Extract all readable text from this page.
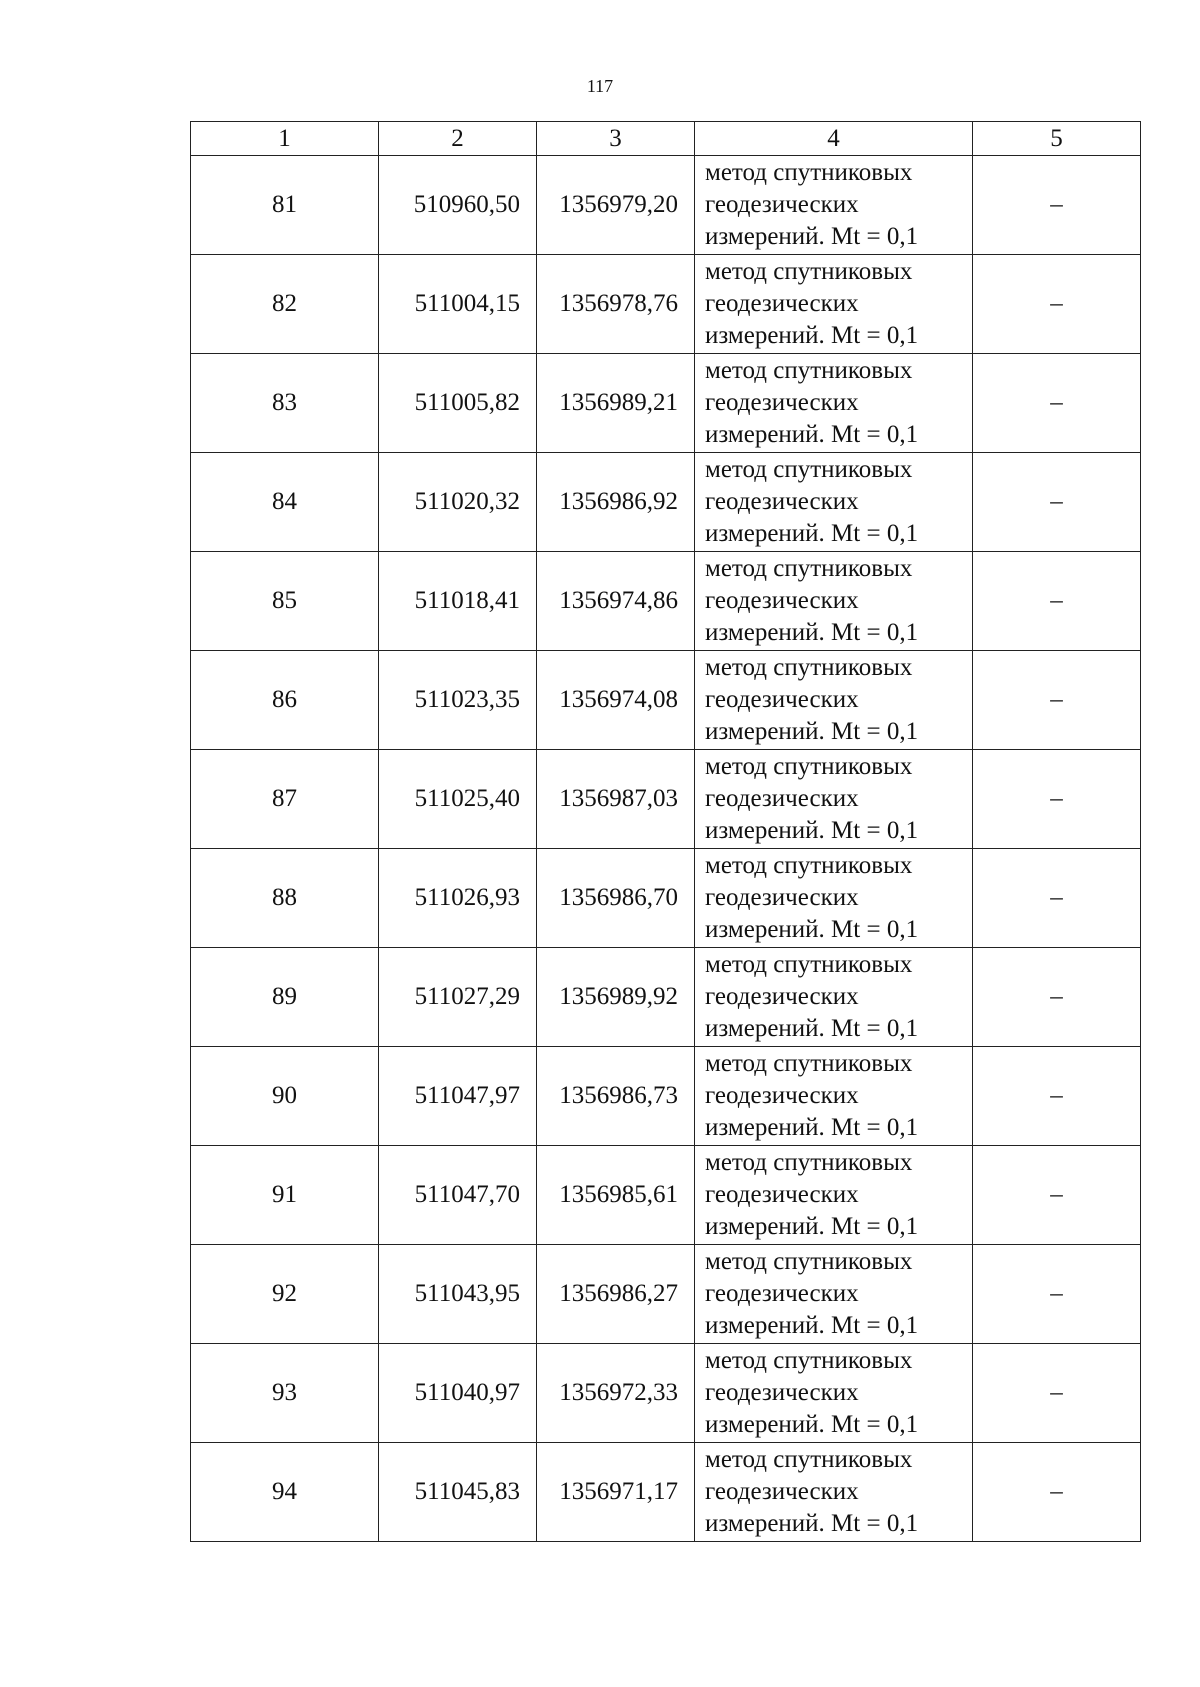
117
1	2	3	4	5
81	510960,50	1356979,20	метод спутниковых
геодезических
измерений. Mt = 0,1	–
82	511004,15	1356978,76	метод спутниковых
геодезических
измерений. Mt = 0,1	–
83	511005,82	1356989,21	метод спутниковых
геодезических
измерений. Mt = 0,1	–
84	511020,32	1356986,92	метод спутниковых
геодезических
измерений. Mt = 0,1	–
85	511018,41	1356974,86	метод спутниковых
геодезических
измерений. Mt = 0,1	–
86	511023,35	1356974,08	метод спутниковых
геодезических
измерений. Mt = 0,1	–
87	511025,40	1356987,03	метод спутниковых
геодезических
измерений. Mt = 0,1	–
88	511026,93	1356986,70	метод спутниковых
геодезических
измерений. Mt = 0,1	–
89	511027,29	1356989,92	метод спутниковых
геодезических
измерений. Mt = 0,1	–
90	511047,97	1356986,73	метод спутниковых
геодезических
измерений. Mt = 0,1	–
91	511047,70	1356985,61	метод спутниковых
геодезических
измерений. Mt = 0,1	–
92	511043,95	1356986,27	метод спутниковых
геодезических
измерений. Mt = 0,1	–
93	511040,97	1356972,33	метод спутниковых
геодезических
измерений. Mt = 0,1	–
94	511045,83	1356971,17	метод спутниковых
геодезических
измерений. Mt = 0,1	–
